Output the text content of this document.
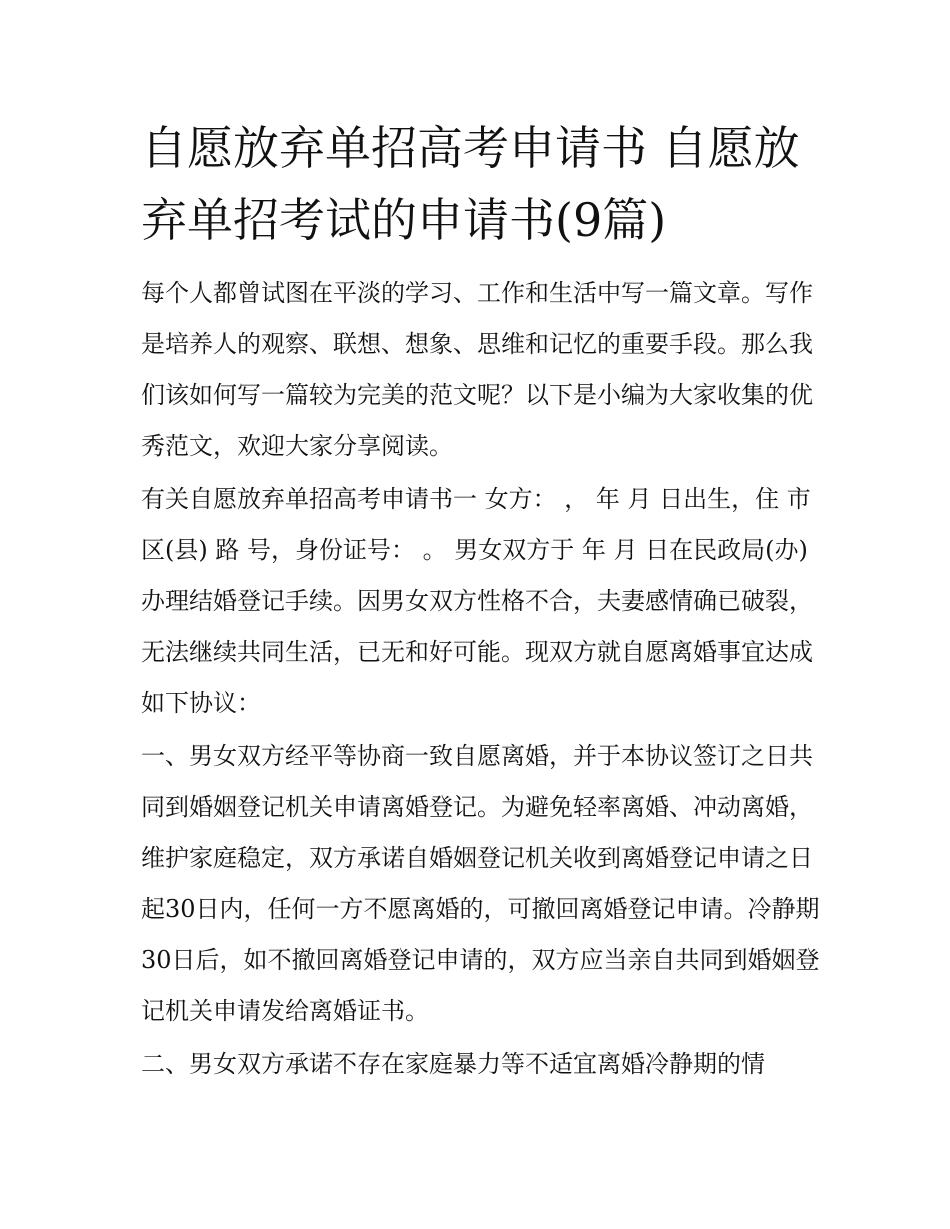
自愿放弃单招高考申请书 自愿放弃单招考试的申请书(9篇)

每个人都曾试图在平淡的学习、工作和生活中写一篇文章。写作是培养人的观察、联想、想象、思维和记忆的重要手段。那么我们该如何写一篇较为完美的范文呢？以下是小编为大家收集的优秀范文，欢迎大家分享阅读。

有关自愿放弃单招高考申请书一 女方： ， 年 月 日出生，住 市 区(县) 路 号，身份证号： 。 男女双方于 年 月 日在民政局(办)办理结婚登记手续。因男女双方性格不合，夫妻感情确已破裂，无法继续共同生活，已无和好可能。现双方就自愿离婚事宜达成如下协议：

一、男女双方经平等协商一致自愿离婚，并于本协议签订之日共同到婚姻登记机关申请离婚登记。为避免轻率离婚、冲动离婚，维护家庭稳定，双方承诺自婚姻登记机关收到离婚登记申请之日起30日内，任何一方不愿离婚的，可撤回离婚登记申请。冷静期30日后，如不撤回离婚登记申请的，双方应当亲自共同到婚姻登记机关申请发给离婚证书。

二、男女双方承诺不存在家庭暴力等不适宜离婚冷静期的情
